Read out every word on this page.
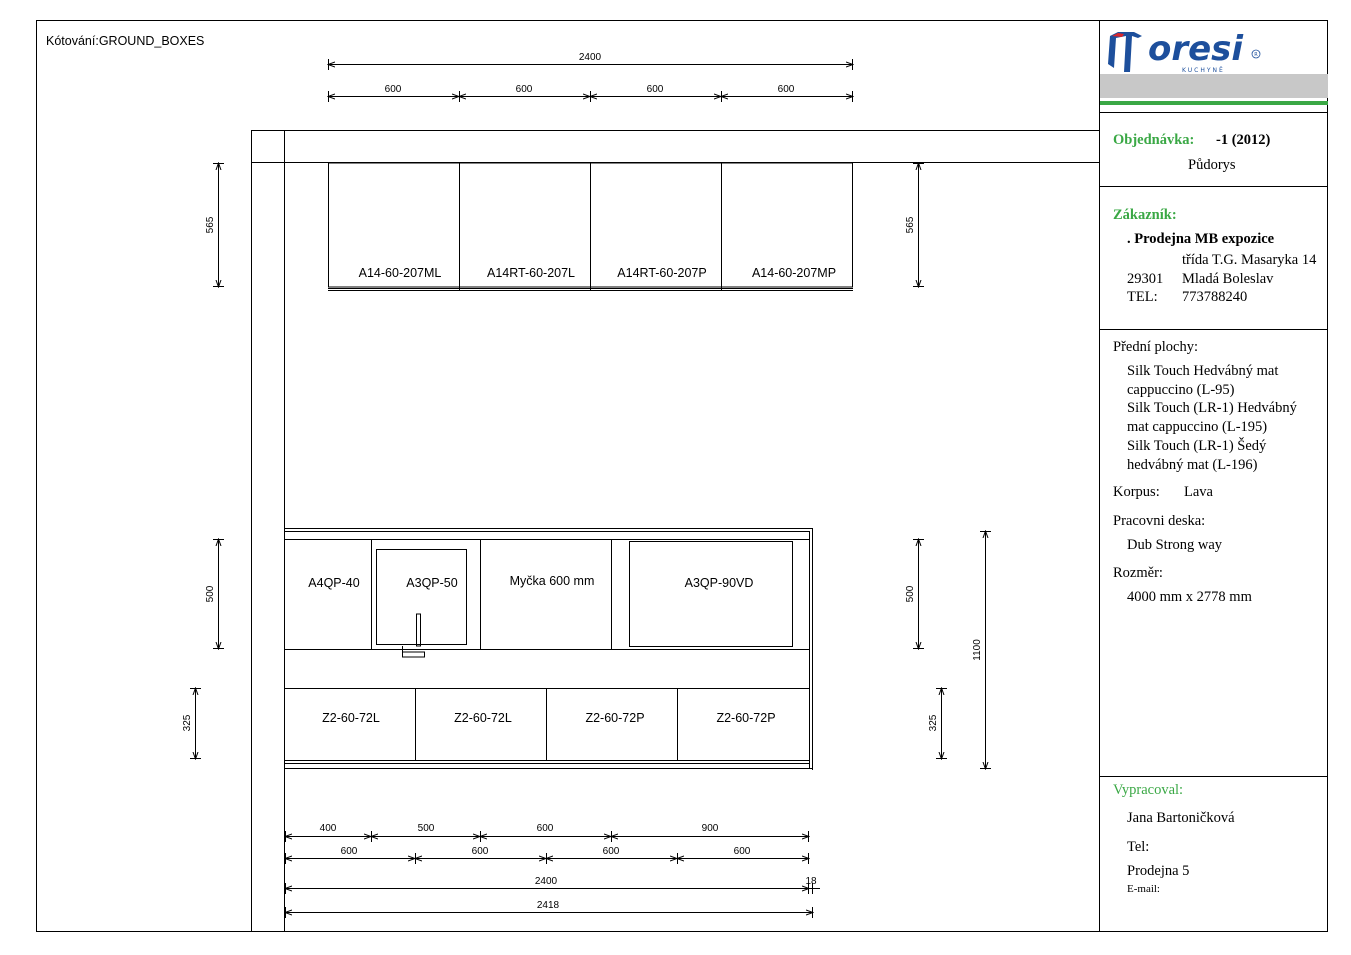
Kótování:GROUND_BOXES
A14-60-207ML	A14RT-60-207L	A14RT-60-207P	A14-60-207MP
A4QP-40	A3QP-50	Myčka 600 mm	A3QP-90VD
Z2-60-72L	Z2-60-72L	Z2-60-72P	Z2-60-72P
2400
600	600	600	600
565	565
500	500
325	325
1100
400	500	600	900
600	600	600	600
2400	18
2418
oresi
KUCHYNĚ
R
Objednávka: -1 (2012)
Půdorys
Zákazník:
. Prodejna MB expozice
třída T.G. Masaryka 14
29301 Mladá Boleslav
TEL: 773788240
Přední plochy:
Silk Touch Hedvábný mat
cappuccino (L-95)
Silk Touch (LR-1) Hedvábný
mat cappuccino (L-195)
Silk Touch (LR-1) Šedý
hedvábný mat (L-196)
Korpus: Lava
Pracovni deska:
Dub Strong way
Rozměr:
4000 mm x 2778 mm
Vypracoval:
Jana Bartoničková
Tel:
Prodejna 5
E-mail:
